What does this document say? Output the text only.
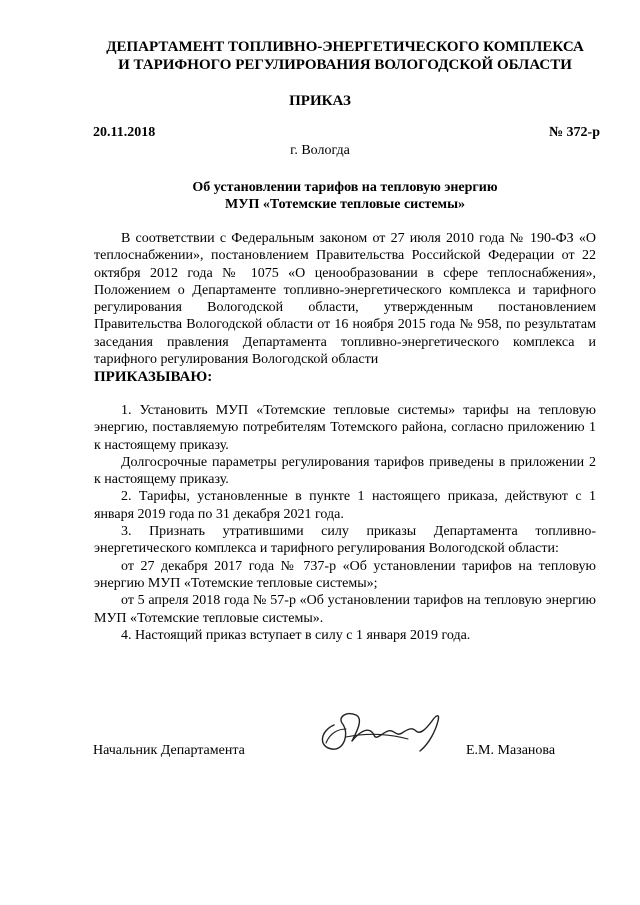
ДЕПАРТАМЕНТ ТОПЛИВНО-ЭНЕРГЕТИЧЕСКОГО КОМПЛЕКСА
И ТАРИФНОГО РЕГУЛИРОВАНИЯ ВОЛОГОДСКОЙ ОБЛАСТИ
ПРИКАЗ
20.11.2018	№ 372-р
г. Вологда
Об установлении тарифов на тепловую энергию
МУП «Тотемские тепловые системы»

В соответствии с Федеральным законом от 27 июля 2010 года № 190-ФЗ «О теплоснабжении», постановлением Правительства Российской Федерации от 22 октября 2012 года № 1075 «О ценообразовании в сфере теплоснабжения», Положением о Департаменте топливно-энергетического комплекса и тарифного регулирования Вологодской области, утвержденным постановлением Правительства Вологодской области от 16 ноября 2015 года № 958, по результатам заседания правления Департамента топливно-энергетического комплекса и тарифного регулирования Вологодской области

ПРИКАЗЫВАЮ:

1. Установить МУП «Тотемские тепловые системы» тарифы на тепловую энергию, поставляемую потребителям Тотемского района, согласно приложению 1 к настоящему приказу.

Долгосрочные параметры регулирования тарифов приведены в приложении 2 к настоящему приказу.

2. Тарифы, установленные в пункте 1 настоящего приказа, действуют с 1 января 2019 года по 31 декабря 2021 года.

3. Признать утратившими силу приказы Департамента топливно-энергетического комплекса и тарифного регулирования Вологодской области:

от 27 декабря 2017 года № 737-р «Об установлении тарифов на тепловую энергию МУП «Тотемские тепловые системы»;

от 5 апреля 2018 года № 57-р «Об установлении тарифов на тепловую энергию МУП «Тотемские тепловые системы».

4. Настоящий приказ вступает в силу с 1 января 2019 года.

Начальник Департамента	Е.М. Мазанова
